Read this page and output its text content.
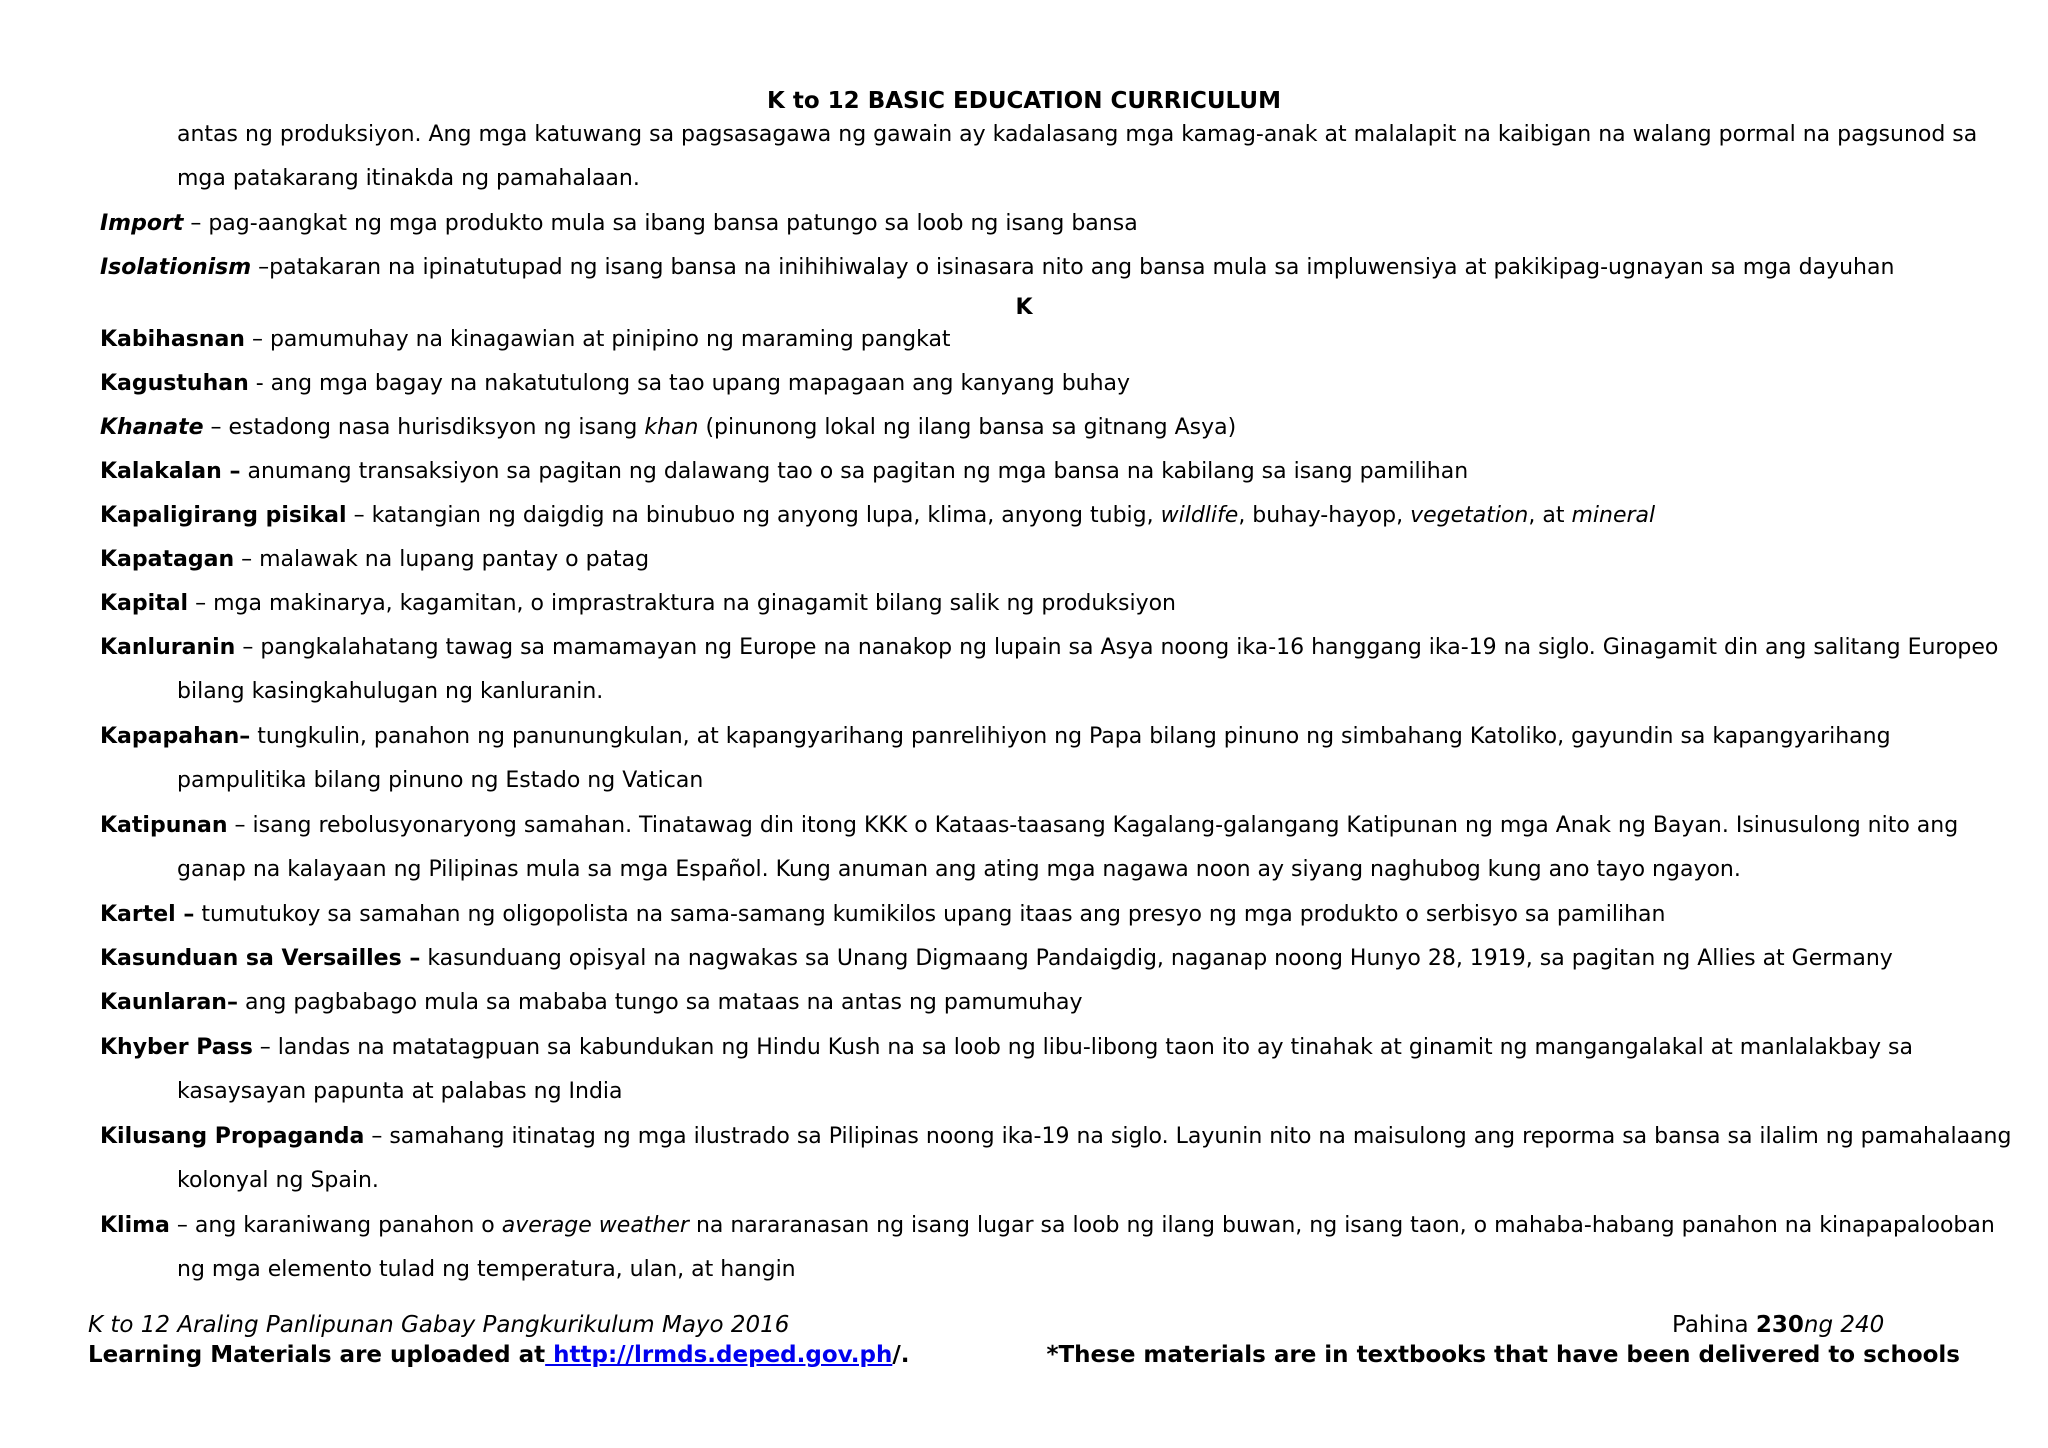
K to 12 BASIC EDUCATION CURRICULUM
antas ng produksiyon. Ang mga katuwang sa pagsasagawa ng gawain ay kadalasang mga kamag-anak at malalapit na kaibigan na walang pormal na pagsunod sa
mga patakarang itinakda ng pamahalaan.
Import – pag-aangkat ng mga produkto mula sa ibang bansa patungo sa loob ng isang bansa
Isolationism –patakaran na ipinatutupad ng isang bansa na inihihiwalay o isinasara nito ang bansa mula sa impluwensiya at pakikipag-ugnayan sa mga dayuhan
K
Kabihasnan – pamumuhay na kinagawian at pinipino ng maraming pangkat
Kagustuhan - ang mga bagay na nakatutulong sa tao upang mapagaan ang kanyang buhay
Khanate – estadong nasa hurisdiksyon ng isang khan (pinunong lokal ng ilang bansa sa gitnang Asya)
Kalakalan – anumang transaksiyon sa pagitan ng dalawang tao o sa pagitan ng mga bansa na kabilang sa isang pamilihan
Kapaligirang pisikal – katangian ng daigdig na binubuo ng anyong lupa, klima, anyong tubig, wildlife, buhay-hayop, vegetation, at mineral
Kapatagan – malawak na lupang pantay o patag
Kapital – mga makinarya, kagamitan, o imprastraktura na ginagamit bilang salik ng produksiyon
Kanluranin – pangkalahatang tawag sa mamamayan ng Europe na nanakop ng lupain sa Asya noong ika-16 hanggang ika-19 na siglo. Ginagamit din ang salitang Europeo
bilang kasingkahulugan ng kanluranin.
Kapapahan– tungkulin, panahon ng panunungkulan, at kapangyarihang panrelihiyon ng Papa bilang pinuno ng simbahang Katoliko, gayundin sa kapangyarihang
pampulitika bilang pinuno ng Estado ng Vatican
Katipunan – isang rebolusyonaryong samahan. Tinatawag din itong KKK o Kataas-taasang Kagalang-galangang Katipunan ng mga Anak ng Bayan. Isinusulong nito ang
ganap na kalayaan ng Pilipinas mula sa mga Español. Kung anuman ang ating mga nagawa noon ay siyang naghubog kung ano tayo ngayon.
Kartel – tumutukoy sa samahan ng oligopolista na sama-samang kumikilos upang itaas ang presyo ng mga produkto o serbisyo sa pamilihan
Kasunduan sa Versailles – kasunduang opisyal na nagwakas sa Unang Digmaang Pandaigdig, naganap noong Hunyo 28, 1919, sa pagitan ng Allies at Germany
Kaunlaran– ang pagbabago mula sa mababa tungo sa mataas na antas ng pamumuhay
Khyber Pass – landas na matatagpuan sa kabundukan ng Hindu Kush na sa loob ng libu-libong taon ito ay tinahak at ginamit ng mangangalakal at manlalakbay sa
kasaysayan papunta at palabas ng India
Kilusang Propaganda – samahang itinatag ng mga ilustrado sa Pilipinas noong ika-19 na siglo. Layunin nito na maisulong ang reporma sa bansa sa ilalim ng pamahalaang
kolonyal ng Spain.
Klima – ang karaniwang panahon o average weather na nararanasan ng isang lugar sa loob ng ilang buwan, ng isang taon, o mahaba-habang panahon na kinapapalooban
ng mga elemento tulad ng temperatura, ulan, at hangin
K to 12 Araling Panlipunan Gabay Pangkurikulum Mayo 2016	Pahina 230ng 240
Learning Materials are uploaded at http://lrmds.deped.gov.ph/.	*These materials are in textbooks that have been delivered to schools
